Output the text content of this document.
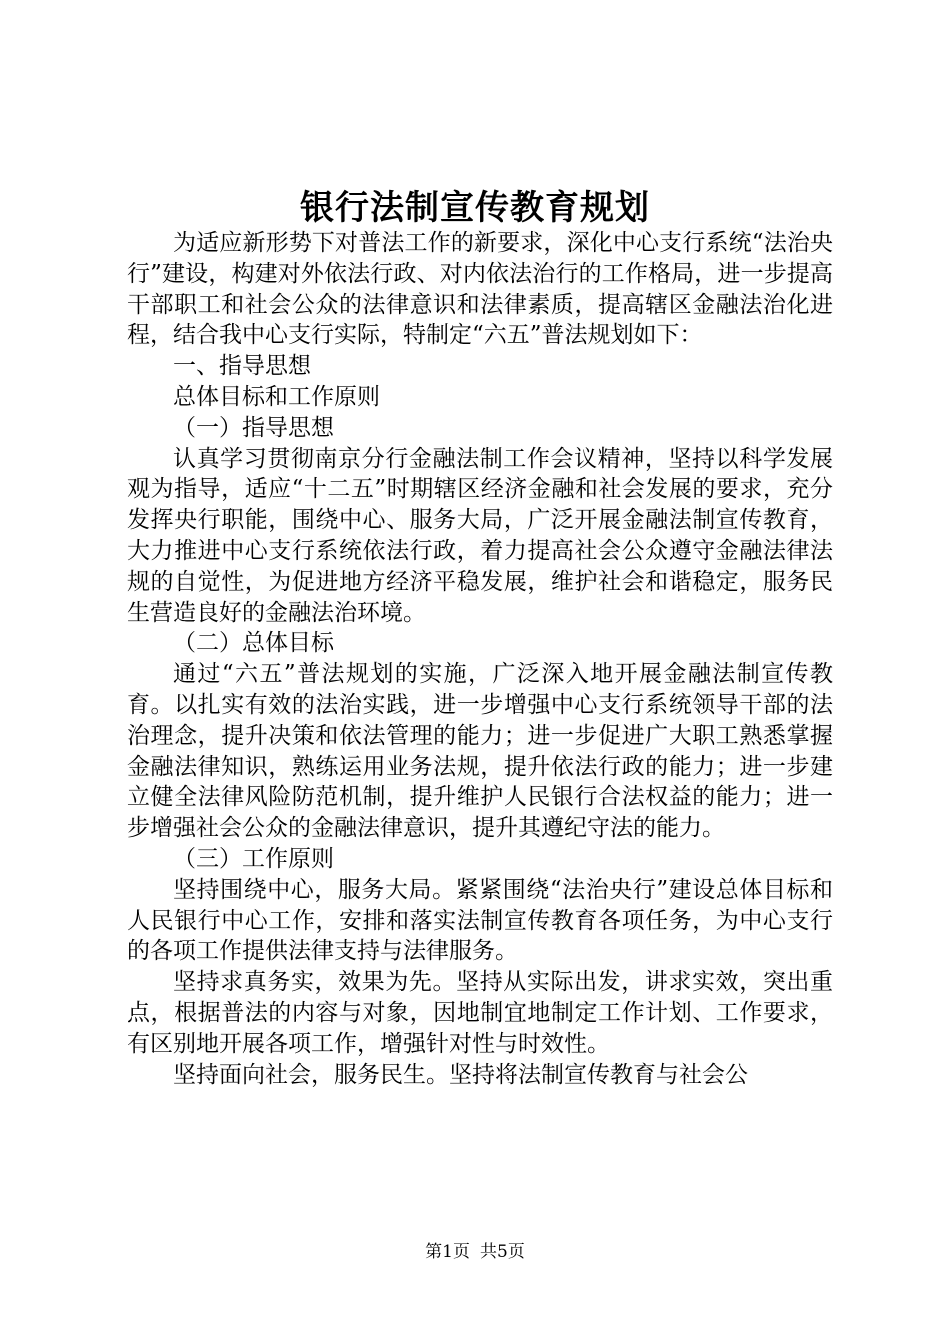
银行法制宣传教育规划

为适应新形势下对普法工作的新要求，深化中心支行系统“法治央行”建设，构建对外依法行政、对内依法治行的工作格局，进一步提高干部职工和社会公众的法律意识和法律素质，提高辖区金融法治化进程，结合我中心支行实际，特制定“六五”普法规划如下：

一、指导思想

总体目标和工作原则

（一）指导思想

认真学习贯彻南京分行金融法制工作会议精神，坚持以科学发展观为指导，适应“十二五”时期辖区经济金融和社会发展的要求，充分发挥央行职能，围绕中心、服务大局，广泛开展金融法制宣传教育，大力推进中心支行系统依法行政，着力提高社会公众遵守金融法律法规的自觉性，为促进地方经济平稳发展，维护社会和谐稳定，服务民生营造良好的金融法治环境。

（二）总体目标

通过“六五”普法规划的实施，广泛深入地开展金融法制宣传教育。以扎实有效的法治实践，进一步增强中心支行系统领导干部的法治理念，提升决策和依法管理的能力；进一步促进广大职工熟悉掌握金融法律知识，熟练运用业务法规，提升依法行政的能力；进一步建立健全法律风险防范机制，提升维护人民银行合法权益的能力；进一步增强社会公众的金融法律意识，提升其遵纪守法的能力。

（三）工作原则

坚持围绕中心，服务大局。紧紧围绕“法治央行”建设总体目标和人民银行中心工作，安排和落实法制宣传教育各项任务，为中心支行的各项工作提供法律支持与法律服务。

坚持求真务实，效果为先。坚持从实际出发，讲求实效，突出重点，根据普法的内容与对象，因地制宜地制定工作计划、工作要求，有区别地开展各项工作，增强针对性与时效性。

坚持面向社会，服务民生。坚持将法制宣传教育与社会公

第1页 共5页
